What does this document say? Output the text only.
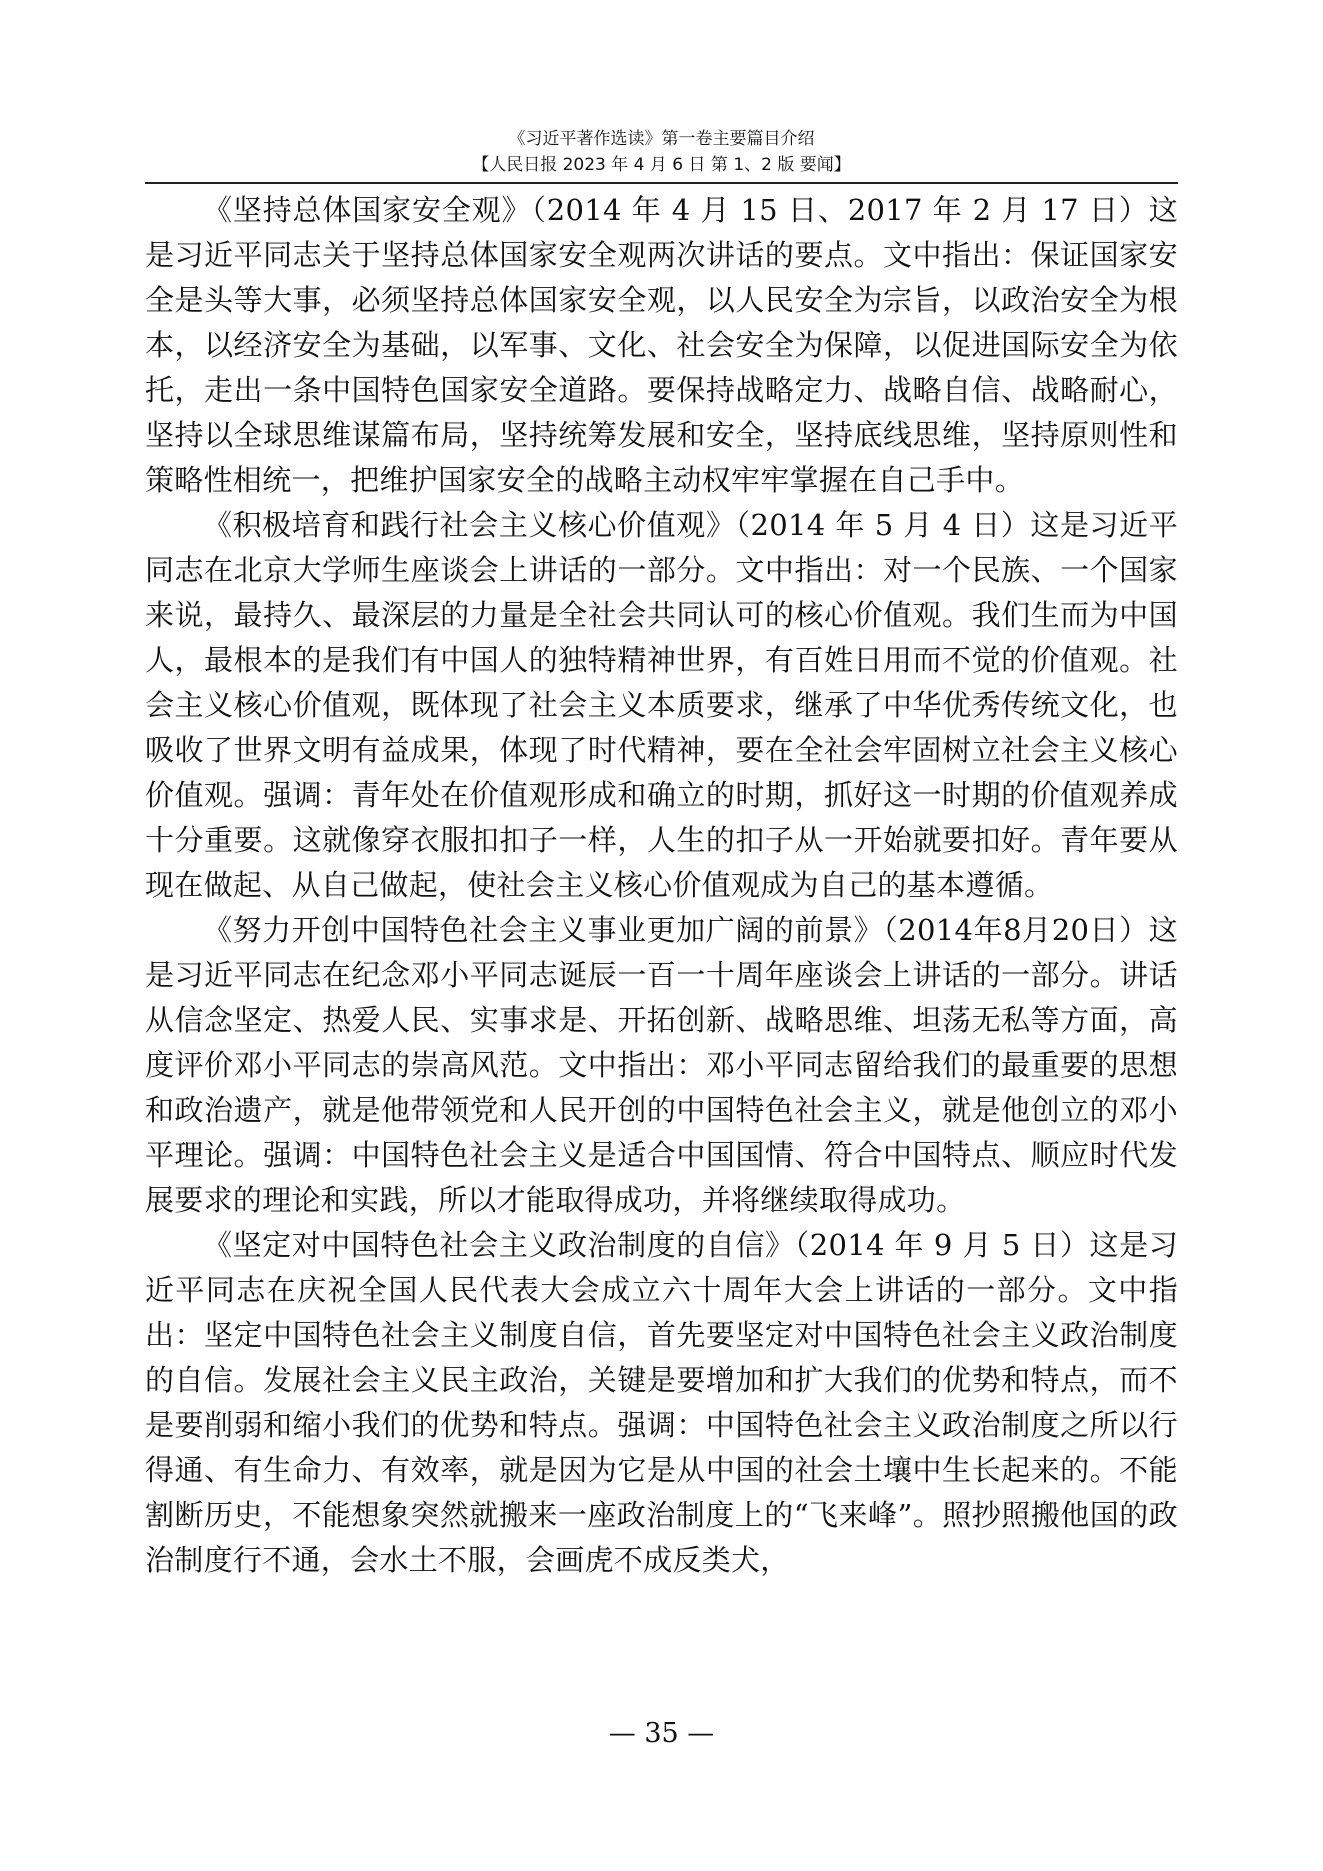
《习近平著作选读》第一卷主要篇目介绍
【人民日报 2023 年 4 月 6 日 第 1、2 版 要闻】

《坚持总体国家安全观》（2014 年 4 月 15 日、2017 年 2 月 17 日）这是习近平同志关于坚持总体国家安全观两次讲话的要点。文中指出：保证国家安全是头等大事，必须坚持总体国家安全观，以人民安全为宗旨，以政治安全为根本，以经济安全为基础，以军事、文化、社会安全为保障，以促进国际安全为依托，走出一条中国特色国家安全道路。要保持战略定力、战略自信、战略耐心，坚持以全球思维谋篇布局，坚持统筹发展和安全，坚持底线思维，坚持原则性和策略性相统一，把维护国家安全的战略主动权牢牢掌握在自己手中。

《积极培育和践行社会主义核心价值观》（2014 年 5 月 4 日）这是习近平同志在北京大学师生座谈会上讲话的一部分。文中指出：对一个民族、一个国家来说，最持久、最深层的力量是全社会共同认可的核心价值观。我们生而为中国人，最根本的是我们有中国人的独特精神世界，有百姓日用而不觉的价值观。社会主义核心价值观，既体现了社会主义本质要求，继承了中华优秀传统文化，也吸收了世界文明有益成果，体现了时代精神，要在全社会牢固树立社会主义核心价值观。强调：青年处在价值观形成和确立的时期，抓好这一时期的价值观养成十分重要。这就像穿衣服扣扣子一样，人生的扣子从一开始就要扣好。青年要从现在做起、从自己做起，使社会主义核心价值观成为自己的基本遵循。

《努力开创中国特色社会主义事业更加广阔的前景》（2014年8月20日）这是习近平同志在纪念邓小平同志诞辰一百一十周年座谈会上讲话的一部分。讲话从信念坚定、热爱人民、实事求是、开拓创新、战略思维、坦荡无私等方面，高度评价邓小平同志的崇高风范。文中指出：邓小平同志留给我们的最重要的思想和政治遗产，就是他带领党和人民开创的中国特色社会主义，就是他创立的邓小平理论。强调：中国特色社会主义是适合中国国情、符合中国特点、顺应时代发展要求的理论和实践，所以才能取得成功，并将继续取得成功。

《坚定对中国特色社会主义政治制度的自信》（2014 年 9 月 5 日）这是习近平同志在庆祝全国人民代表大会成立六十周年大会上讲话的一部分。文中指出：坚定中国特色社会主义制度自信，首先要坚定对中国特色社会主义政治制度的自信。发展社会主义民主政治，关键是要增加和扩大我们的优势和特点，而不是要削弱和缩小我们的优势和特点。强调：中国特色社会主义政治制度之所以行得通、有生命力、有效率，就是因为它是从中国的社会土壤中生长起来的。不能割断历史，不能想象突然就搬来一座政治制度上的“飞来峰”。照抄照搬他国的政治制度行不通，会水土不服，会画虎不成反类犬，

— 35 —
